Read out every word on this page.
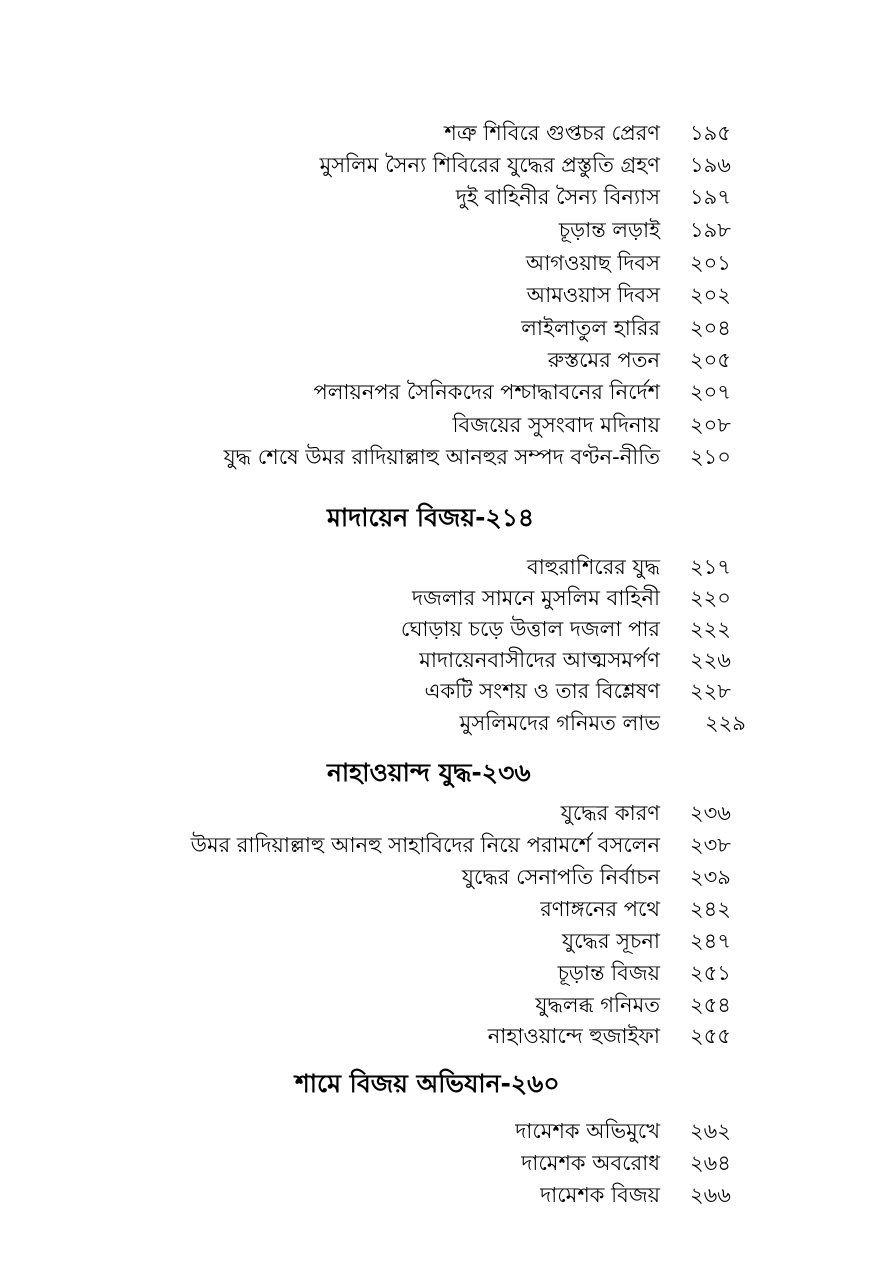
শত্রু শিবিরে গুপ্তচর প্রেরণ ১৯৫
মুসলিম সৈন্য শিবিরের যুদ্ধের প্রস্তুতি গ্রহণ ১৯৬
দুই বাহিনীর সৈন্য বিন্যাস ১৯৭
চূড়ান্ত লড়াই ১৯৮
আগওয়াছ দিবস ২০১
আমওয়াস দিবস ২০২
লাইলাতুল হারির ২০৪
রুস্তমের পতন ২০৫
পলায়নপর সৈনিকদের পশ্চাদ্ধাবনের নির্দেশ ২০৭
বিজয়ের সুসংবাদ মদিনায় ২০৮
যুদ্ধ শেষে উমর রাদিয়াল্লাহু আনহুর সম্পদ বণ্টন-নীতি ২১০
মাদায়েন বিজয়-২১৪
বাহুরাশিরের যুদ্ধ ২১৭
দজলার সামনে মুসলিম বাহিনী ২২০
ঘোড়ায় চড়ে উত্তাল দজলা পার ২২২
মাদায়েনবাসীদের আত্মসমর্পণ ২২৬
একটি সংশয় ও তার বিশ্লেষণ ২২৮
মুসলিমদের গনিমত লাভ ২২৯
নাহাওয়ান্দ যুদ্ধ-২৩৬
যুদ্ধের কারণ ২৩৬
উমর রাদিয়াল্লাহু আনহু সাহাবিদের নিয়ে পরামর্শে বসলেন ২৩৮
যুদ্ধের সেনাপতি নির্বাচন ২৩৯
রণাঙ্গনের পথে ২৪২
যুদ্ধের সূচনা ২৪৭
চূড়ান্ত বিজয় ২৫১
যুদ্ধলব্ধ গনিমত ২৫৪
নাহাওয়ান্দে হুজাইফা ২৫৫
শামে বিজয় অভিযান-২৬০
দামেশক অভিমুখে ২৬২
দামেশক অবরোধ ২৬৪
দামেশক বিজয় ২৬৬
